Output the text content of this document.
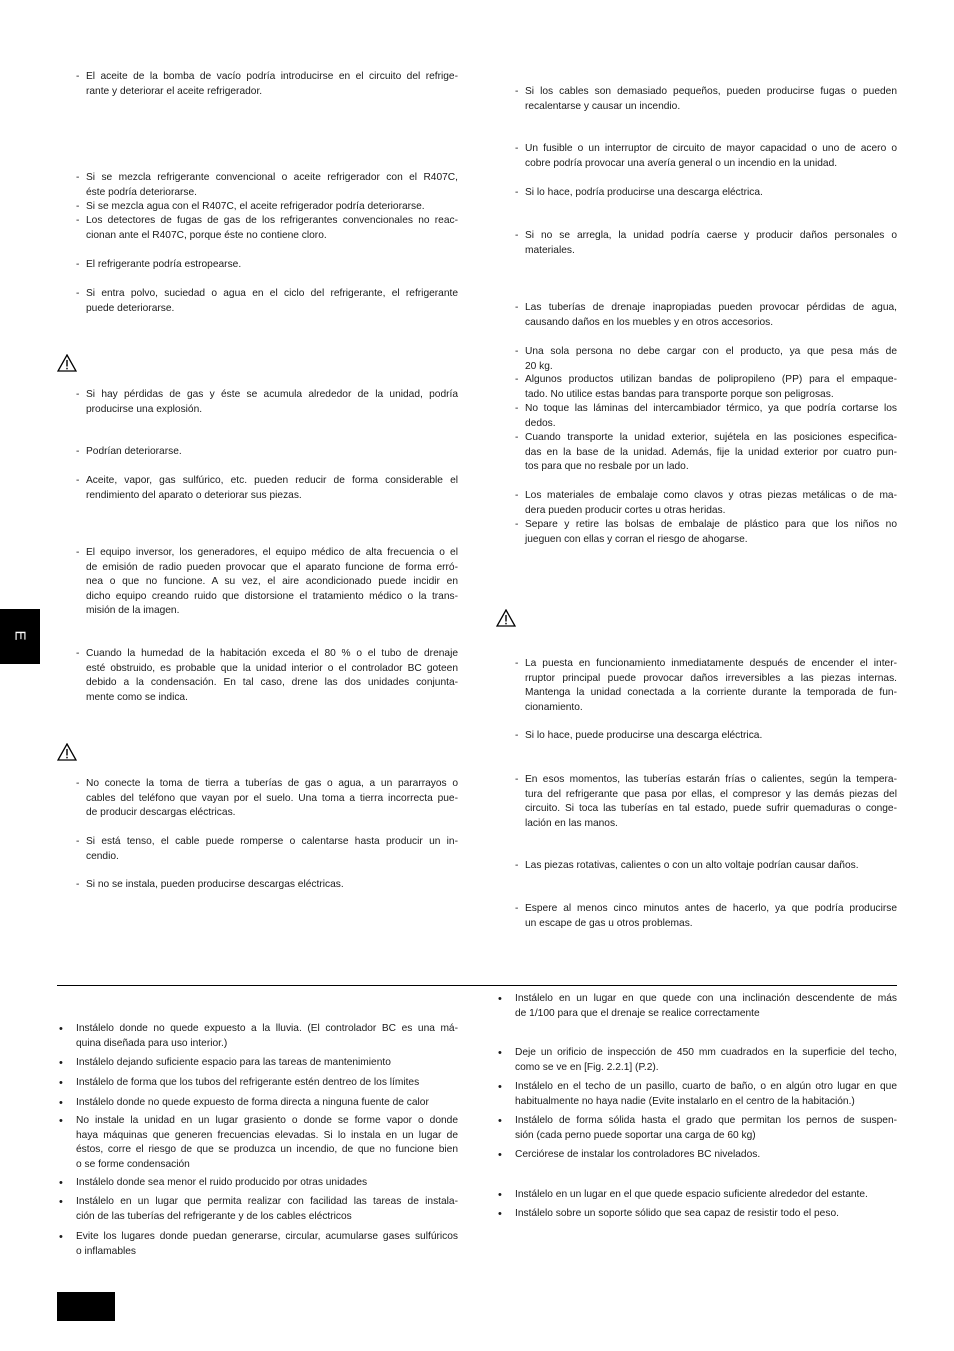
E
- El aceite de la bomba de vacío podría introducirse en el circuito del refrige-
rante y deteriorar el aceite refrigerador.
- Si se mezcla refrigerante convencional o aceite refrigerador con el R407C,
éste podría deteriorarse.
- Si se mezcla agua con el R407C, el aceite refrigerador podría deteriorarse.
- Los detectores de fugas de gas de los refrigerantes convencionales no reac-
cionan ante el R407C, porque éste no contiene cloro.
- El refrigerante podría estropearse.
- Si entra polvo, suciedad o agua en el ciclo del refrigerante, el refrigerante
puede deteriorarse.
- Si hay pérdidas de gas y éste se acumula alrededor de la unidad, podría
producirse una explosión.
- Podrían deteriorarse.
- Aceite, vapor, gas sulfúrico, etc. pueden reducir de forma considerable el
rendimiento del aparato o deteriorar sus piezas.
- El equipo inversor, los generadores, el equipo médico de alta frecuencia o el
de emisión de radio pueden provocar que el aparato funcione de forma erró-
nea o que no funcione. A su vez, el aire acondicionado puede incidir en
dicho equipo creando ruido que distorsione el tratamiento médico o la trans-
misión de la imagen.
- Cuando la humedad de la habitación exceda el 80 % o el tubo de drenaje
esté obstruido, es probable que la unidad interior o el controlador BC goteen
debido a la condensación. En tal caso, drene las dos unidades conjunta-
mente como se indica.
- No conecte la toma de tierra a tuberías de gas o agua, a un pararrayos o
cables del teléfono que vayan por el suelo. Una toma a tierra incorrecta pue-
de producir descargas eléctricas.
- Si está tenso, el cable puede romperse o calentarse hasta producir un in-
cendio.
- Si no se instala, pueden producirse descargas eléctricas.
- Si los cables son demasiado pequeños, pueden producirse fugas o pueden
recalentarse y causar un incendio.
- Un fusible o un interruptor de circuito de mayor capacidad o uno de acero o
cobre podría provocar una avería general o un incendio en la unidad.
- Si lo hace, podría producirse una descarga eléctrica.
- Si no se arregla, la unidad podría caerse y producir daños personales o
materiales.
- Las tuberías de drenaje inapropiadas pueden provocar pérdidas de agua,
causando daños en los muebles y en otros accesorios.
- Una sola persona no debe cargar con el producto, ya que pesa más de
20 kg.
- Algunos productos utilizan bandas de polipropileno (PP) para el empaque-
tado. No utilice estas bandas para transporte porque son peligrosas.
- No toque las láminas del intercambiador térmico, ya que podría cortarse los
dedos.
- Cuando transporte la unidad exterior, sujételа en las posiciones especifica-
das en la base de la unidad. Además, fije la unidad exterior por cuatro pun-
tos para que no resbale por un lado.
- Los materiales de embalaje como clavos y otras piezas metálicas o de ma-
dera pueden producir cortes u otras heridas.
- Separe y retire las bolsas de embalaje de plástico para que los niños no
jueguen con ellas y corran el riesgo de ahogarse.
- La puesta en funcionamiento inmediatamente después de encender el inter-
rruptor principal puede provocar daños irreversibles a las piezas internas.
Mantenga la unidad conectada a la corriente durante la temporada de fun-
cionamiento.
- Si lo hace, puede producirse una descarga eléctrica.
- En esos momentos, las tuberías estarán frías o calientes, según la tempera-
tura del refrigerante que pasa por ellas, el compresor y las demás piezas del
circuito. Si toca las tuberías en tal estado, puede sufrir quemaduras o conge-
lación en las manos.
- Las piezas rotativas, calientes o con un alto voltaje podrían causar daños.
- Espere al menos cinco minutos antes de hacerlo, ya que podría producirse
un escape de gas u otros problemas.
• Instálelo donde no quede expuesto a la lluvia. (El controlador BC es una má-
quina diseñada para uso interior.)
• Instálelo dejando suficiente espacio para las tareas de mantenimiento
• Instálelo de forma que los tubos del refrigerante estén dentreo de los límites
• Instálelo donde no quede expuesto de forma directa a ninguna fuente de calor
• No instale la unidad en un lugar grasiento o donde se forme vapor o donde
haya máquinas que generen frecuencias elevadas. Si lo instala en un lugar de
éstos, corre el riesgo de que se produzca un incendio, de que no funcione bien
o se forme condensación
• Instálelo donde sea menor el ruido producido por otras unidades
• Instálelo en un lugar que permita realizar con facilidad las tareas de instala-
ción de las tuberías del refrigerante y de los cables eléctricos
• Evite los lugares donde puedan generarse, circular, acumularse gases sulfúricos
o inflamables
• Instálelo en un lugar en que quede con una inclinación descendente de más
de 1/100 para que el drenaje se realice correctamente
• Deje un orificio de inspección de 450 mm cuadrados en la superficie del techo,
como se ve en [Fig. 2.2.1] (P.2).
• Instálelo en el techo de un pasillo, cuarto de baño, o en algún otro lugar en que
habitualmente no haya nadie (Evite instalarlo en el centro de la habitación.)
• Instálelo de forma sólida hasta el grado que permitan los pernos de suspen-
sión (cada perno puede soportar una carga de 60 kg)
• Cerciórese de instalar los controladores BC nivelados.
• Instálelo en un lugar en el que quede espacio suficiente alrededor del estante.
• Instálelo sobre un soporte sólido que sea capaz de resistir todo el peso.
